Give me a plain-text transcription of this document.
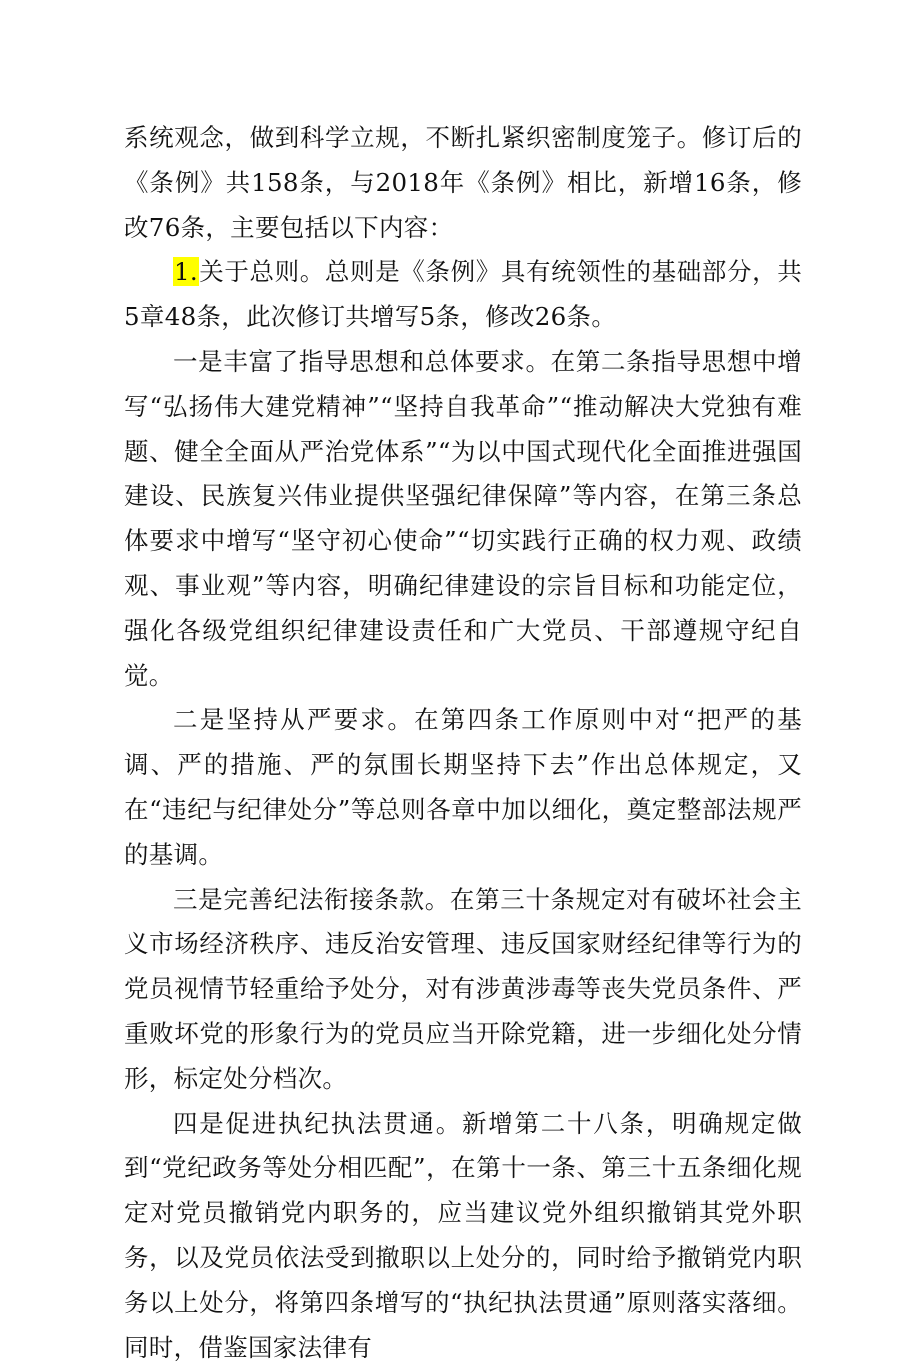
系统观念，做到科学立规，不断扎紧织密制度笼子。修订后的《条例》共158条，与2018年《条例》相比，新增16条，修改76条，主要包括以下内容：

1.关于总则。总则是《条例》具有统领性的基础部分，共5章48条，此次修订共增写5条，修改26条。

一是丰富了指导思想和总体要求。在第二条指导思想中增写“弘扬伟大建党精神”“坚持自我革命”“推动解决大党独有难题、健全全面从严治党体系”“为以中国式现代化全面推进强国建设、民族复兴伟业提供坚强纪律保障”等内容，在第三条总体要求中增写“坚守初心使命”“切实践行正确的权力观、政绩观、事业观”等内容，明确纪律建设的宗旨目标和功能定位，强化各级党组织纪律建设责任和广大党员、干部遵规守纪自觉。

二是坚持从严要求。在第四条工作原则中对“把严的基调、严的措施、严的氛围长期坚持下去”作出总体规定，又在“违纪与纪律处分”等总则各章中加以细化，奠定整部法规严的基调。

三是完善纪法衔接条款。在第三十条规定对有破坏社会主义市场经济秩序、违反治安管理、违反国家财经纪律等行为的党员视情节轻重给予处分，对有涉黄涉毒等丧失党员条件、严重败坏党的形象行为的党员应当开除党籍，进一步细化处分情形，标定处分档次。

四是促进执纪执法贯通。新增第二十八条，明确规定做到“党纪政务等处分相匹配”，在第十一条、第三十五条细化规定对党员撤销党内职务的，应当建议党外组织撤销其党外职务，以及党员依法受到撤职以上处分的，同时给予撤销党内职务以上处分，将第四条增写的“执纪执法贯通”原则落实落细。同时，借鉴国家法律有
